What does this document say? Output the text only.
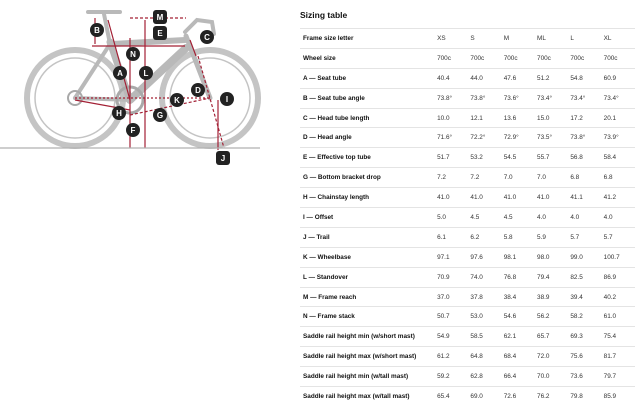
M
E
B
C
N
A	L
D
K	I
H	G
F
J
Sizing table
Frame size letter	XS	S	M	ML	L	XL
Wheel size	700c	700c	700c	700c	700c	700c
A — Seat tube	40.4	44.0	47.6	51.2	54.8	60.9
B — Seat tube angle	73.8°	73.8°	73.6°	73.4°	73.4°	73.4°
C — Head tube length	10.0	12.1	13.6	15.0	17.2	20.1
D — Head angle	71.6°	72.2°	72.9°	73.5°	73.8°	73.9°
E — Effective top tube	51.7	53.2	54.5	55.7	56.8	58.4
G — Bottom bracket drop	7.2	7.2	7.0	7.0	6.8	6.8
H — Chainstay length	41.0	41.0	41.0	41.0	41.1	41.2
I — Offset	5.0	4.5	4.5	4.0	4.0	4.0
J — Trail	6.1	6.2	5.8	5.9	5.7	5.7
K — Wheelbase	97.1	97.6	98.1	98.0	99.0	100.7
L — Standover	70.9	74.0	76.8	79.4	82.5	86.9
M — Frame reach	37.0	37.8	38.4	38.9	39.4	40.2
N — Frame stack	50.7	53.0	54.6	56.2	58.2	61.0
Saddle rail height min (w/short mast)	54.9	58.5	62.1	65.7	69.3	75.4
Saddle rail height max (w/short mast)	61.2	64.8	68.4	72.0	75.6	81.7
Saddle rail height min (w/tall mast)	59.2	62.8	66.4	70.0	73.6	79.7
Saddle rail height max (w/tall mast)	65.4	69.0	72.6	76.2	79.8	85.9
